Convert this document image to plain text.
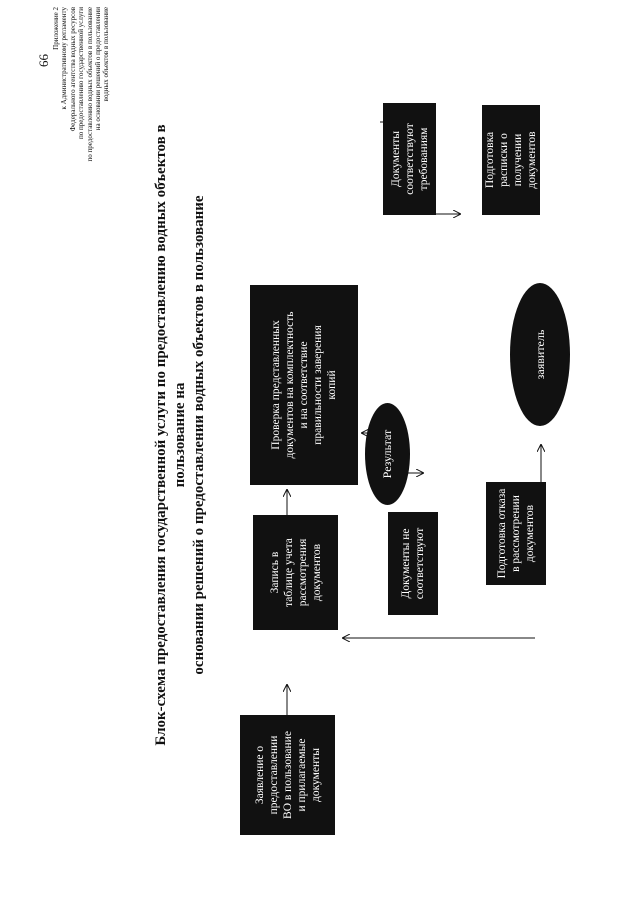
66
Приложение 2 к Административному регламенту Федерального агентства водных ресурсов по предоставлению государственной услуги по предоставлению водных объектов в пользование на основании решений о предоставлении водных объектов в пользование
Блок-схема предоставления государственной услуги по предоставлению водных объектов в пользование на основании решений о предоставлении водных объектов в пользование
Заявление о
предоставлении
ВО в пользование
и прилагаемые
документы
Запись в
таблице учета
рассмотрения
документов
Проверка представленных
документов на комплектность
и на соответствие
правильности заверения
копий
Результат
Документы
соответствуют
требованиям
Документы не
соответствуют
Подготовка
расписки о
получении
документов
Подготовка отказа
в рассмотрении
документов
заявитель
